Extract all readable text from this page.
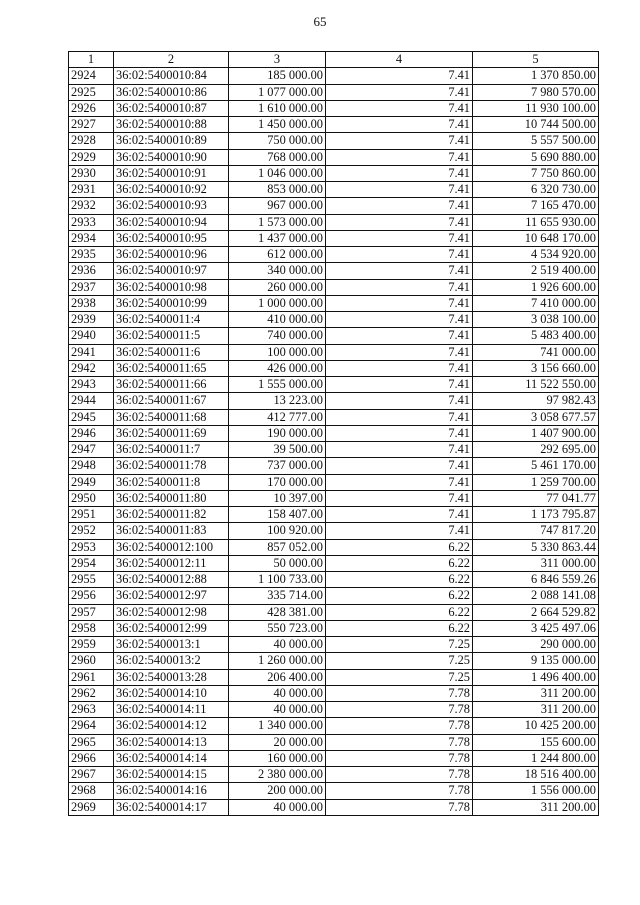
65
1	2	3	4	5
2924	36:02:5400010:84	185 000.00	7.41	1 370 850.00
2925	36:02:5400010:86	1 077 000.00	7.41	7 980 570.00
2926	36:02:5400010:87	1 610 000.00	7.41	11 930 100.00
2927	36:02:5400010:88	1 450 000.00	7.41	10 744 500.00
2928	36:02:5400010:89	750 000.00	7.41	5 557 500.00
2929	36:02:5400010:90	768 000.00	7.41	5 690 880.00
2930	36:02:5400010:91	1 046 000.00	7.41	7 750 860.00
2931	36:02:5400010:92	853 000.00	7.41	6 320 730.00
2932	36:02:5400010:93	967 000.00	7.41	7 165 470.00
2933	36:02:5400010:94	1 573 000.00	7.41	11 655 930.00
2934	36:02:5400010:95	1 437 000.00	7.41	10 648 170.00
2935	36:02:5400010:96	612 000.00	7.41	4 534 920.00
2936	36:02:5400010:97	340 000.00	7.41	2 519 400.00
2937	36:02:5400010:98	260 000.00	7.41	1 926 600.00
2938	36:02:5400010:99	1 000 000.00	7.41	7 410 000.00
2939	36:02:5400011:4	410 000.00	7.41	3 038 100.00
2940	36:02:5400011:5	740 000.00	7.41	5 483 400.00
2941	36:02:5400011:6	100 000.00	7.41	741 000.00
2942	36:02:5400011:65	426 000.00	7.41	3 156 660.00
2943	36:02:5400011:66	1 555 000.00	7.41	11 522 550.00
2944	36:02:5400011:67	13 223.00	7.41	97 982.43
2945	36:02:5400011:68	412 777.00	7.41	3 058 677.57
2946	36:02:5400011:69	190 000.00	7.41	1 407 900.00
2947	36:02:5400011:7	39 500.00	7.41	292 695.00
2948	36:02:5400011:78	737 000.00	7.41	5 461 170.00
2949	36:02:5400011:8	170 000.00	7.41	1 259 700.00
2950	36:02:5400011:80	10 397.00	7.41	77 041.77
2951	36:02:5400011:82	158 407.00	7.41	1 173 795.87
2952	36:02:5400011:83	100 920.00	7.41	747 817.20
2953	36:02:5400012:100	857 052.00	6.22	5 330 863.44
2954	36:02:5400012:11	50 000.00	6.22	311 000.00
2955	36:02:5400012:88	1 100 733.00	6.22	6 846 559.26
2956	36:02:5400012:97	335 714.00	6.22	2 088 141.08
2957	36:02:5400012:98	428 381.00	6.22	2 664 529.82
2958	36:02:5400012:99	550 723.00	6.22	3 425 497.06
2959	36:02:5400013:1	40 000.00	7.25	290 000.00
2960	36:02:5400013:2	1 260 000.00	7.25	9 135 000.00
2961	36:02:5400013:28	206 400.00	7.25	1 496 400.00
2962	36:02:5400014:10	40 000.00	7.78	311 200.00
2963	36:02:5400014:11	40 000.00	7.78	311 200.00
2964	36:02:5400014:12	1 340 000.00	7.78	10 425 200.00
2965	36:02:5400014:13	20 000.00	7.78	155 600.00
2966	36:02:5400014:14	160 000.00	7.78	1 244 800.00
2967	36:02:5400014:15	2 380 000.00	7.78	18 516 400.00
2968	36:02:5400014:16	200 000.00	7.78	1 556 000.00
2969	36:02:5400014:17	40 000.00	7.78	311 200.00
